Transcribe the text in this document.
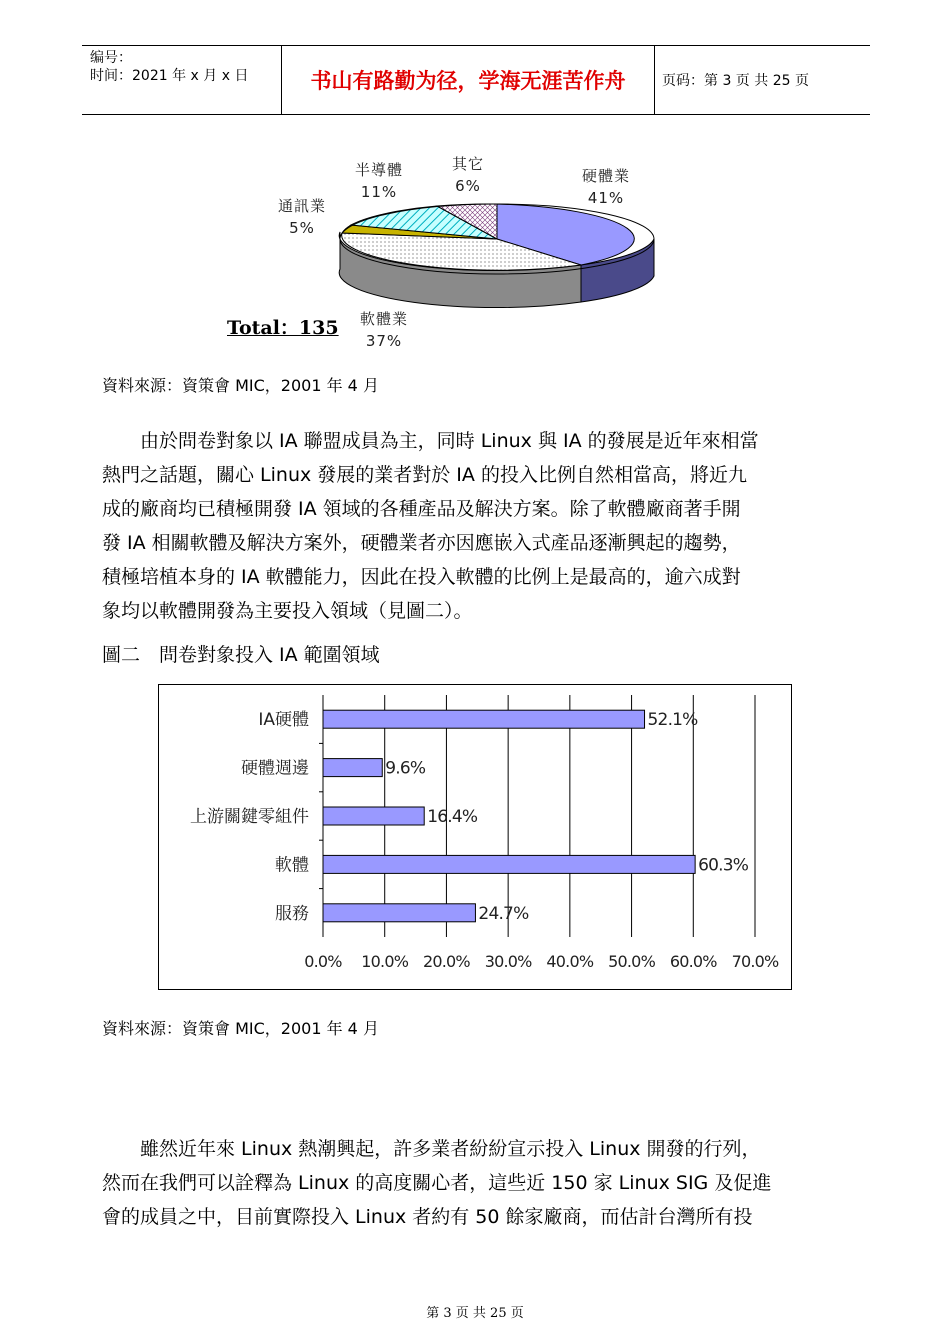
编号：
时间：2021 年 x 月 x 日	书山有路勤为径，学海无涯苦作舟	页码：第 3 页 共 25 页
硬體業
41%
軟體業
37%
通訊業
5%
半導體
11%
其它
6%
Total：135
資料來源：資策會 MIC，2001 年 4 月
　　由於問卷對象以 IA 聯盟成員為主，同時 Linux 與 IA 的發展是近年來相當
熱門之話題，關心 Linux 發展的業者對於 IA 的投入比例自然相當高，將近九
成的廠商均已積極開發 IA 領域的各種產品及解決方案。除了軟體廠商著手開
發 IA 相關軟體及解決方案外，硬體業者亦因應嵌入式產品逐漸興起的趨勢，
積極培植本身的 IA 軟體能力，因此在投入軟體的比例上是最高的，逾六成對
象均以軟體開發為主要投入領域（見圖二）。
圖二　問卷對象投入 IA 範圍領域
0.0% 10.0% 20.0% 30.0% 40.0% 50.0% 60.0% 70.0%
IA硬體	52.1%
硬體週邊	9.6%
上游關鍵零組件	16.4%
軟體	60.3%
服務	24.7%
資料來源：資策會 MIC，2001 年 4 月
　　雖然近年來 Linux 熱潮興起，許多業者紛紛宣示投入 Linux 開發的行列，
然而在我們可以詮釋為 Linux 的高度關心者，這些近 150 家 Linux SIG 及促進
會的成員之中，目前實際投入 Linux 者約有 50 餘家廠商，而估計台灣所有投
第 3 页 共 25 页
